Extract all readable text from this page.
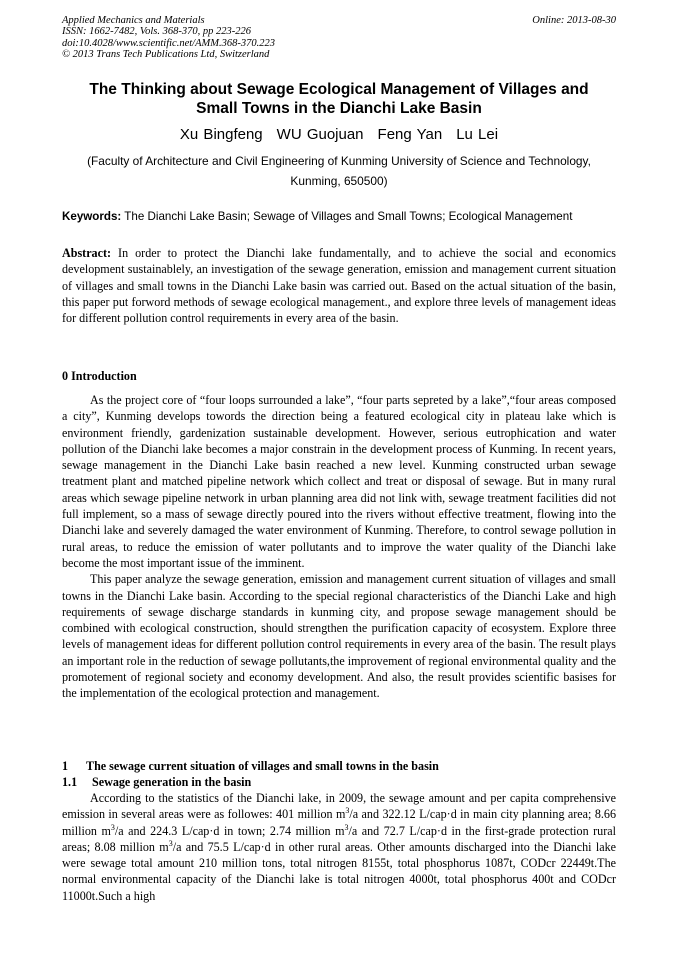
Applied Mechanics and Materials
ISSN: 1662-7482, Vols. 368-370, pp 223-226
doi:10.4028/www.scientific.net/AMM.368-370.223
© 2013 Trans Tech Publications Ltd, Switzerland
Online: 2013-08-30
The Thinking about Sewage Ecological Management of Villages and
Small Towns in the Dianchi Lake Basin
Xu Bingfeng WU Guojuan Feng Yan Lu Lei
(Faculty of Architecture and Civil Engineering of Kunming University of Science and Technology, Kunming, 650500)
Keywords: The Dianchi Lake Basin; Sewage of Villages and Small Towns; Ecological Management

Abstract: In order to protect the Dianchi lake fundamentally, and to achieve the social and economics development sustainablely, an investigation of the sewage generation, emission and management current situation of villages and small towns in the Dianchi Lake basin was carried out. Based on the actual situation of the basin, this paper put forword methods of sewage ecological management., and explore three levels of management ideas for different pollution control requirements in every area of the basin.

0 Introduction

As the project core of “four loops surrounded a lake”, “four parts sepreted by a lake”,“four areas composed a city”, Kunming develops towords the direction being a featured ecological city in plateau lake which is environment friendly, gardenization sustainable development. However, serious eutrophication and water pollution of the Dianchi lake becomes a major constrain in the development process of Kunming. In recent years, sewage management in the Dianchi Lake basin reached a new level. Kunming constructed urban sewage treatment plant and matched pipeline network which collect and treat or disposal of sewage. But in many rural areas which sewage pipeline network in urban planning area did not link with, sewage treatment facilities did not full implement, so a mass of sewage directly poured into the rivers without effective treatment, flowing into the Dianchi lake and severely damaged the water environment of Kunming. Therefore, to control sewage pollution in rural areas, to reduce the emission of water pollutants and to improve the water quality of the Dianchi lake become the most important issue of the imminent.

This paper analyze the sewage generation, emission and management current situation of villages and small towns in the Dianchi Lake basin. According to the special regional characteristics of the Dianchi Lake and high requirements of sewage discharge standards in kunming city, and propose sewage management should be combined with ecological construction, should strengthen the purification capacity of ecosystem. Explore three levels of management ideas for different pollution control requirements in every area of the basin. The result plays an important role in the reduction of sewage pollutants,the improvement of regional environmental quality and the promotement of regional society and economy development. And also, the result provides scientific basises for the implementation of the ecological protection and management.

1 The sewage current situation of villages and small towns in the basin
1.1 Sewage generation in the basin

According to the statistics of the Dianchi lake, in 2009, the sewage amount and per capita comprehensive emission in several areas were as followes: 401 million $m^3/a$ and 322.12 L/cap·d in main city planning area; 8.66 million $m^3/a$ and 224.3 L/cap·d in town; 2.74 million $m^3/a$ and 72.7 L/cap·d in the first-grade protection rural areas; 8.08 million $m^3/a$ and 75.5 L/cap·d in other rural areas. Other amounts discharged into the Dianchi lake were sewage total amount 210 million tons, total nitrogen 8155t, total phosphorus 1087t, CODcr 22449t.The normal environmental capacity of the Dianchi lake is total nitrogen 4000t, total phosphorus 400t and CODcr 11000t.Such a high
